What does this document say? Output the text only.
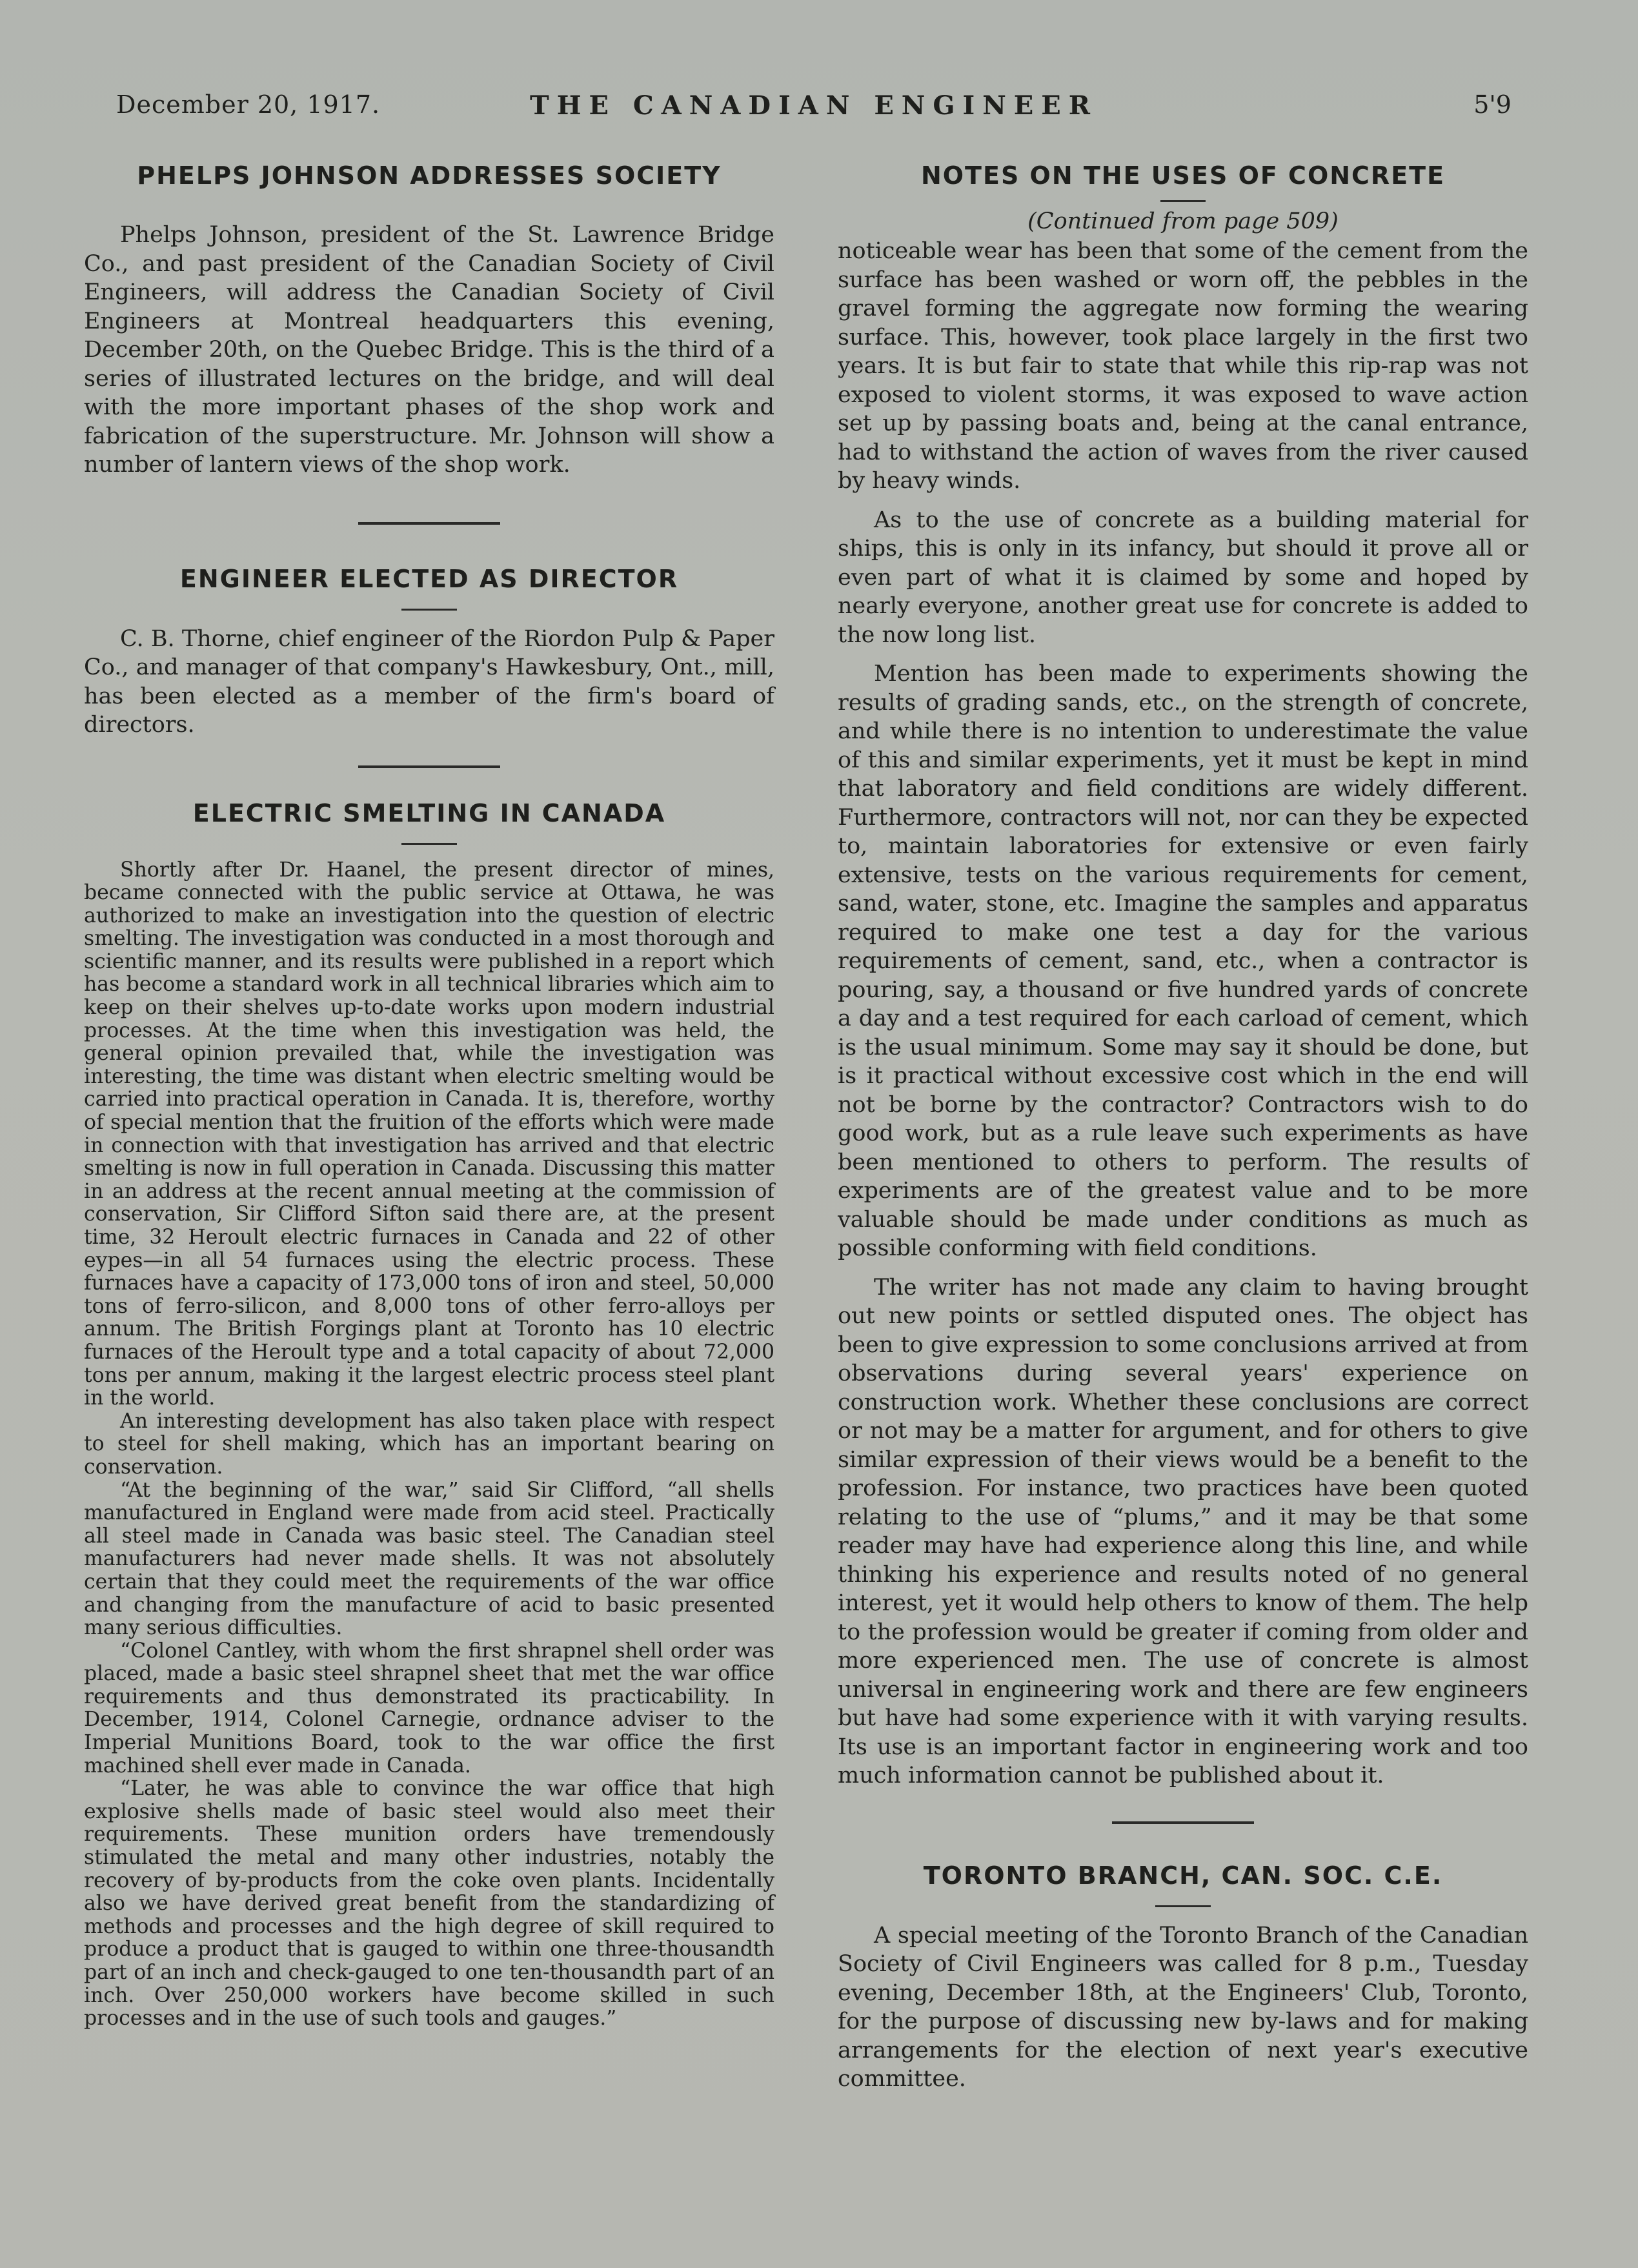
December 20, 1917.	THE CANADIAN ENGINEER	5'9
PHELPS JOHNSON ADDRESSES SOCIETY

Phelps Johnson, president of the St. Lawrence Bridge Co., and past president of the Canadian Society of Civil Engineers, will address the Canadian Society of Civil Engineers at Montreal headquarters this evening, December 20th, on the Quebec Bridge. This is the third of a series of illustrated lectures on the bridge, and will deal with the more important phases of the shop work and fabrication of the superstructure. Mr. Johnson will show a number of lantern views of the shop work.

ENGINEER ELECTED AS DIRECTOR

C. B. Thorne, chief engineer of the Riordon Pulp & Paper Co., and manager of that company's Hawkesbury, Ont., mill, has been elected as a member of the firm's board of directors.

ELECTRIC SMELTING IN CANADA

Shortly after Dr. Haanel, the present director of mines, became connected with the public service at Ottawa, he was authorized to make an investigation into the question of electric smelting. The investigation was conducted in a most thorough and scientific manner, and its results were published in a report which has become a standard work in all technical libraries which aim to keep on their shelves up-to-date works upon modern industrial processes. At the time when this investigation was held, the general opinion prevailed that, while the investigation was interesting, the time was distant when electric smelting would be carried into practical operation in Canada. It is, therefore, worthy of special mention that the fruition of the efforts which were made in connection with that investigation has arrived and that electric smelting is now in full operation in Canada. Discussing this matter in an address at the recent annual meeting at the commission of conservation, Sir Clifford Sifton said there are, at the present time, 32 Heroult electric furnaces in Canada and 22 of other eypes—in all 54 furnaces using the electric process. These furnaces have a capacity of 173,000 tons of iron and steel, 50,000 tons of ferro-silicon, and 8,000 tons of other ferro-alloys per annum. The British Forgings plant at Toronto has 10 electric furnaces of the Heroult type and a total capacity of about 72,000 tons per annum, making it the largest electric process steel plant in the world.

An interesting development has also taken place with respect to steel for shell making, which has an important bearing on conservation.

“At the beginning of the war,” said Sir Clifford, “all shells manufactured in England were made from acid steel. Practically all steel made in Canada was basic steel. The Canadian steel manufacturers had never made shells. It was not absolutely certain that they could meet the requirements of the war office and changing from the manufacture of acid to basic presented many serious difficulties.

“Colonel Cantley, with whom the first shrapnel shell order was placed, made a basic steel shrapnel sheet that met the war office requirements and thus demonstrated its practicability. In December, 1914, Colonel Carnegie, ordnance adviser to the Imperial Munitions Board, took to the war office the first machined shell ever made in Canada.

“Later, he was able to convince the war office that high explosive shells made of basic steel would also meet their requirements. These munition orders have tremendously stimulated the metal and many other industries, notably the recovery of by-products from the coke oven plants. Incidentally also we have derived great benefit from the standardizing of methods and processes and the high degree of skill required to produce a product that is gauged to within one three-thousandth part of an inch and check-gauged to one ten-thousandth part of an inch. Over 250,000 workers have become skilled in such processes and in the use of such tools and gauges.”

NOTES ON THE USES OF CONCRETE
(Continued from page 509)

noticeable wear has been that some of the cement from the surface has been washed or worn off, the pebbles in the gravel forming the aggregate now forming the wearing surface. This, however, took place largely in the first two years. It is but fair to state that while this rip-rap was not exposed to violent storms, it was exposed to wave action set up by passing boats and, being at the canal entrance, had to withstand the action of waves from the river caused by heavy winds.

As to the use of concrete as a building material for ships, this is only in its infancy, but should it prove all or even part of what it is claimed by some and hoped by nearly everyone, another great use for concrete is added to the now long list.

Mention has been made to experiments showing the results of grading sands, etc., on the strength of concrete, and while there is no intention to underestimate the value of this and similar experiments, yet it must be kept in mind that laboratory and field conditions are widely different. Furthermore, contractors will not, nor can they be expected to, maintain laboratories for extensive or even fairly extensive, tests on the various requirements for cement, sand, water, stone, etc. Imagine the samples and apparatus required to make one test a day for the various requirements of cement, sand, etc., when a contractor is pouring, say, a thousand or five hundred yards of concrete a day and a test required for each carload of cement, which is the usual minimum. Some may say it should be done, but is it practical without excessive cost which in the end will not be borne by the contractor? Contractors wish to do good work, but as a rule leave such experiments as have been mentioned to others to perform. The results of experiments are of the greatest value and to be more valuable should be made under conditions as much as possible conforming with field conditions.

The writer has not made any claim to having brought out new points or settled disputed ones. The object has been to give expression to some conclusions arrived at from observations during several years' experience on construction work. Whether these conclusions are correct or not may be a matter for argument, and for others to give similar expression of their views would be a benefit to the profession. For instance, two practices have been quoted relating to the use of “plums,” and it may be that some reader may have had experience along this line, and while thinking his experience and results noted of no general interest, yet it would help others to know of them. The help to the profession would be greater if coming from older and more experienced men. The use of concrete is almost universal in engineering work and there are few engineers but have had some experience with it with varying results. Its use is an important factor in engineering work and too much information cannot be published about it.

TORONTO BRANCH, CAN. SOC. C.E.

A special meeting of the Toronto Branch of the Canadian Society of Civil Engineers was called for 8 p.m., Tuesday evening, December 18th, at the Engineers' Club, Toronto, for the purpose of discussing new by-laws and for making arrangements for the election of next year's executive committee.
